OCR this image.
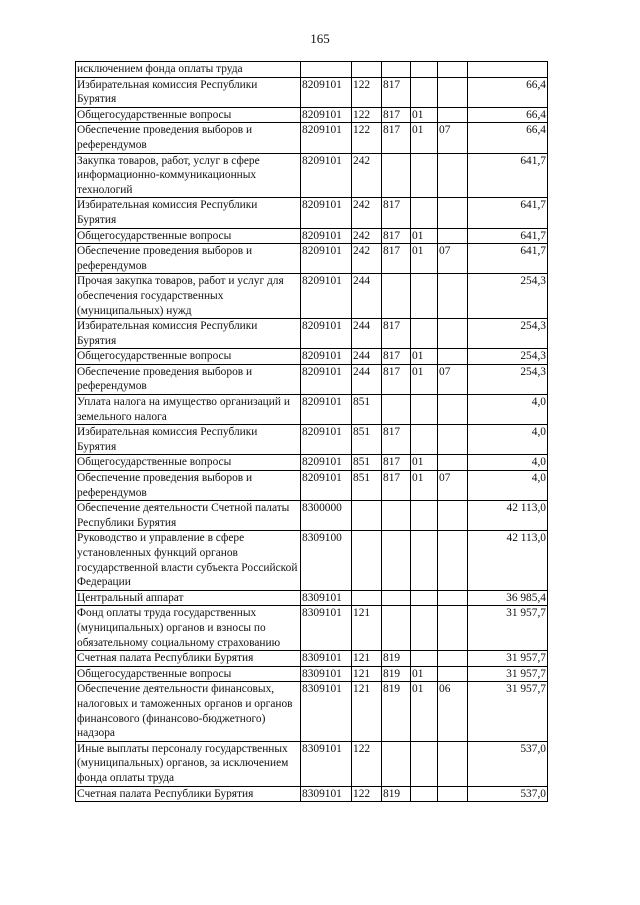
165
исключением фонда оплаты труда						
Избирательная комиссия Республики Бурятия	8209101	122	817			66,4
Общегосударственные вопросы	8209101	122	817	01		66,4
Обеспечение проведения выборов и референдумов	8209101	122	817	01	07	66,4
Закупка товаров, работ, услуг в сфере информационно-коммуникационных технологий	8209101	242				641,7
Избирательная комиссия Республики Бурятия	8209101	242	817			641,7
Общегосударственные вопросы	8209101	242	817	01		641,7
Обеспечение проведения выборов и референдумов	8209101	242	817	01	07	641,7
Прочая закупка товаров, работ и услуг для обеспечения государственных (муниципальных) нужд	8209101	244				254,3
Избирательная комиссия Республики Бурятия	8209101	244	817			254,3
Общегосударственные вопросы	8209101	244	817	01		254,3
Обеспечение проведения выборов и референдумов	8209101	244	817	01	07	254,3
Уплата налога на имущество организаций и земельного налога	8209101	851				4,0
Избирательная комиссия Республики Бурятия	8209101	851	817			4,0
Общегосударственные вопросы	8209101	851	817	01		4,0
Обеспечение проведения выборов и референдумов	8209101	851	817	01	07	4,0
Обеспечение деятельности Счетной палаты Республики Бурятия	8300000					42 113,0
Руководство и управление в сфере установленных функций органов государственной власти субъекта Российской Федерации	8309100					42 113,0
Центральный аппарат	8309101					36 985,4
Фонд оплаты труда государственных (муниципальных) органов и взносы по обязательному социальному страхованию	8309101	121				31 957,7
Счетная палата Республики Бурятия	8309101	121	819			31 957,7
Общегосударственные вопросы	8309101	121	819	01		31 957,7
Обеспечение деятельности финансовых, налоговых и таможенных органов и органов финансового (финансово-бюджетного) надзора	8309101	121	819	01	06	31 957,7
Иные выплаты персоналу государственных (муниципальных) органов, за исключением фонда оплаты труда	8309101	122				537,0
Счетная палата Республики Бурятия	8309101	122	819			537,0
